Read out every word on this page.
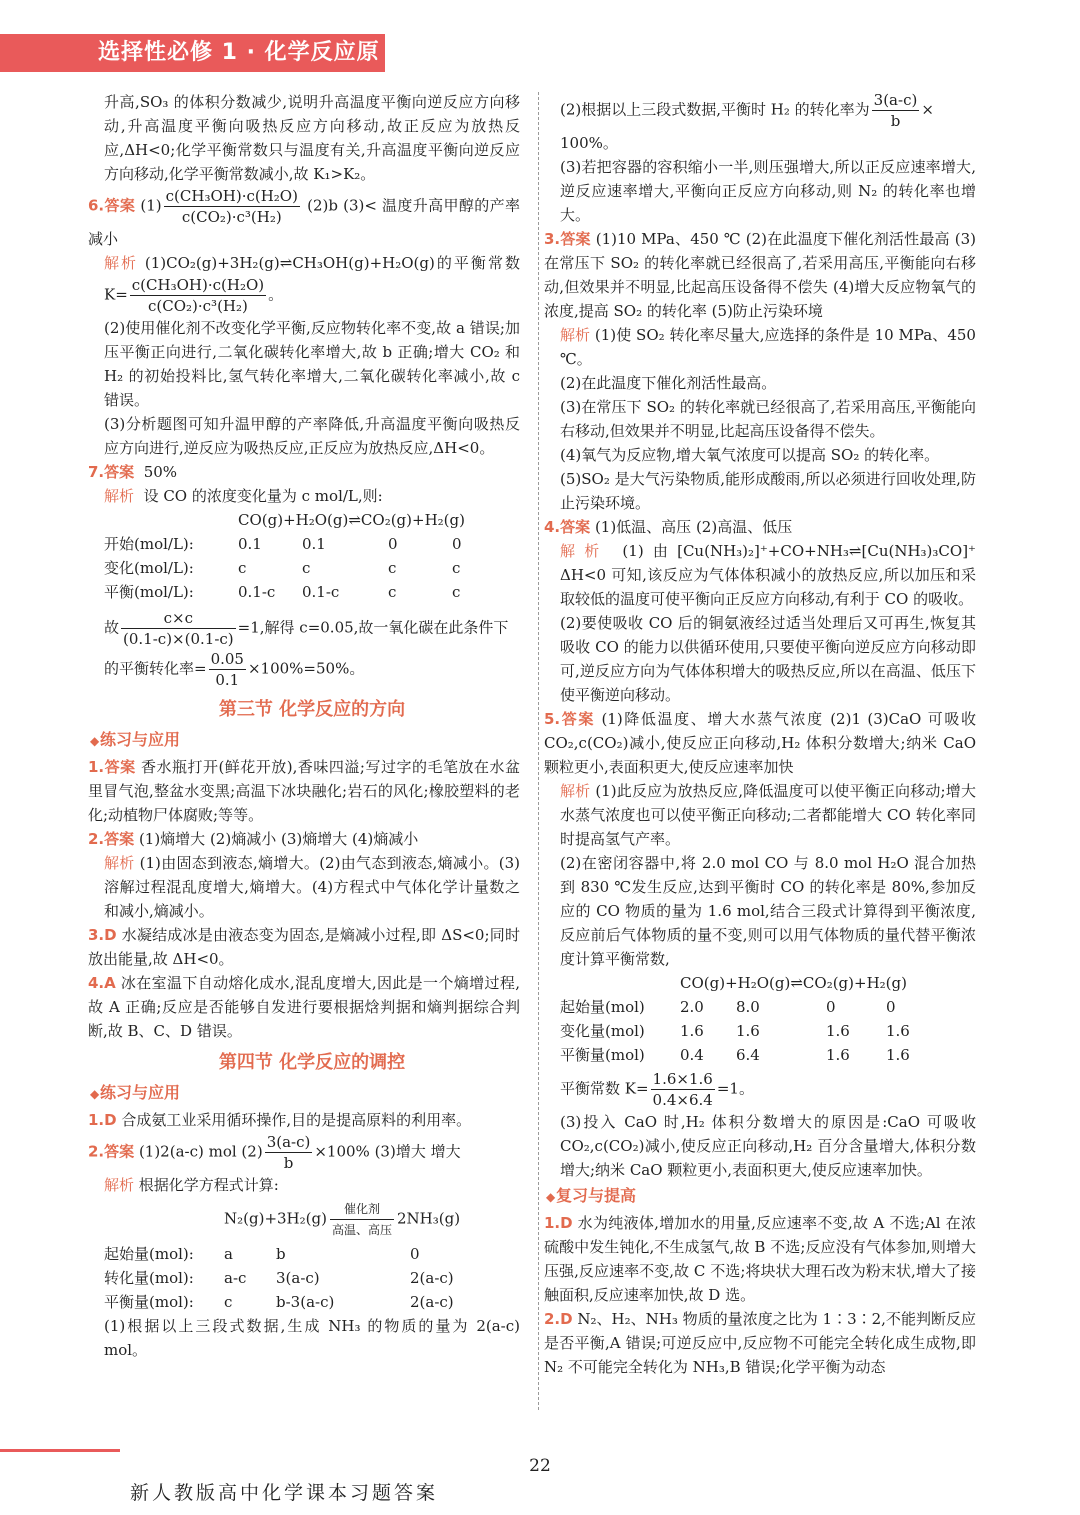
选择性必修 1 · 化学反应原理

升高,SO₃ 的体积分数减少,说明升高温度平衡向逆反应方向移动,升高温度平衡向吸热反应方向移动,故正反应为放热反应,ΔH<0;化学平衡常数只与温度有关,升高温度平衡向逆反应方向移动,化学平衡常数减小,故 K₁>K₂。

6.答案 $(1) \frac{\text{c(CH₃OH)·c(H₂O)}}{\text{c(CO₂)·c³(H₂)}} (2)b$ (3)< 温度升高甲醇的产率减小

解析 (1)CO₂(g)+3H₂(g)⇌CH₃OH(g)+H₂O(g)的平衡常数 $K= \frac{\text{c(CH₃OH)·c(H₂O)}}{\text{c(CO₂)·c³(H₂)}}$ 。

(2)使用催化剂不改变化学平衡,反应物转化率不变,故 a 错误;加压平衡正向进行,二氧化碳转化率增大,故 b 正确;增大 CO₂ 和 H₂ 的初始投料比,氢气转化率增大,二氧化碳转化率减小,故 c 错误。

(3)分析题图可知升温甲醇的产率降低,升高温度平衡向吸热反应方向进行,逆反应为吸热反应,正反应为放热反应,ΔH<0。

7.答案 50%

解析 设 CO 的浓度变化量为 c mol/L,则:

CO(g)+H₂O(g)⇌CO₂(g)+H₂(g)

开始(mol/L):	0.1	0.1	0	0
变化(mol/L):	c	c	c	c
平衡(mol/L):	0.1-c	0.1-c	c	c

故 $\frac{c\times c}{(0.1-c)\times(0.1-c)} =1$,解得 c=0.05,故一氧化碳在此条件下

的平衡转化率= $\frac{0.05}{0.1} \times 100\%=50\%$。

第三节 化学反应的方向
◆练习与应用

1.答案 香水瓶打开(鲜花开放),香味四溢;写过字的毛笔放在水盆里冒气泡,整盆水变黑;高温下冰块融化;岩石的风化;橡胶塑料的老化;动植物尸体腐败;等等。

2.答案 (1)熵增大 (2)熵减小 (3)熵增大 (4)熵减小

解析 (1)由固态到液态,熵增大。(2)由气态到液态,熵减小。(3)溶解过程混乱度增大,熵增大。(4)方程式中气体化学计量数之和减小,熵减小。

3.D 水凝结成冰是由液态变为固态,是熵减小过程,即 ΔS<0;同时放出能量,故 ΔH<0。

4.A 冰在室温下自动熔化成水,混乱度增大,因此是一个熵增过程,故 A 正确;反应是否能够自发进行要根据焓判据和熵判据综合判断,故 B、C、D 错误。

第四节 化学反应的调控
◆练习与应用

1.D 合成氨工业采用循环操作,目的是提高原料的利用率。

2.答案 (1)2(a-c) mol $(2) \frac{3(a-c)}{b} \times 100\%$ (3)增大 增大

解析 根据化学方程式计算:

$N_2(g)+3H_2(g) \frac{\text{催化剂}}{\text{高温、高压}} 2NH_3(g)$

起始量(mol):	a	b	0
转化量(mol):	a-c	3(a-c)	2(a-c)
平衡量(mol):	c	b-3(a-c)	2(a-c)

(1)根据以上三段式数据,生成 NH₃ 的物质的量为 2(a-c) mol。

(2)根据以上三段式数据,平衡时 H₂ 的转化率为 $\frac{3(a-c)}{b}$ ×

100%。

(3)若把容器的容积缩小一半,则压强增大,所以正反应速率增大,逆反应速率增大,平衡向正反应方向移动,则 N₂ 的转化率也增大。

3.答案 (1)10 MPa、450 ℃ (2)在此温度下催化剂活性最高 (3)在常压下 SO₂ 的转化率就已经很高了,若采用高压,平衡能向右移动,但效果并不明显,比起高压设备得不偿失 (4)增大反应物氧气的浓度,提高 SO₂ 的转化率 (5)防止污染环境

解析 (1)使 SO₂ 转化率尽量大,应选择的条件是 10 MPa、450 ℃。

(2)在此温度下催化剂活性最高。

(3)在常压下 SO₂ 的转化率就已经很高了,若采用高压,平衡能向右移动,但效果并不明显,比起高压设备得不偿失。

(4)氧气为反应物,增大氧气浓度可以提高 SO₂ 的转化率。

(5)SO₂ 是大气污染物质,能形成酸雨,所以必须进行回收处理,防止污染环境。

4.答案 (1)低温、高压 (2)高温、低压

解析 (1)由[Cu(NH₃)₂]⁺+CO+NH₃⇌[Cu(NH₃)₃CO]⁺ ΔH<0 可知,该反应为气体体积减小的放热反应,所以加压和采取较低的温度可使平衡向正反应方向移动,有利于 CO 的吸收。

(2)要使吸收 CO 后的铜氨液经过适当处理后又可再生,恢复其吸收 CO 的能力以供循环使用,只要使平衡向逆反应方向移动即可,逆反应方向为气体体积增大的吸热反应,所以在高温、低压下使平衡逆向移动。

5.答案 (1)降低温度、增大水蒸气浓度 (2)1 (3)CaO 可吸收 CO₂,c(CO₂)减小,使反应正向移动,H₂ 体积分数增大;纳米 CaO 颗粒更小,表面积更大,使反应速率加快

解析 (1)此反应为放热反应,降低温度可以使平衡正向移动;增大水蒸气浓度也可以使平衡正向移动;二者都能增大 CO 转化率同时提高氢气产率。

(2)在密闭容器中,将 2.0 mol CO 与 8.0 mol H₂O 混合加热到 830 ℃发生反应,达到平衡时 CO 的转化率是 80%,参加反应的 CO 物质的量为 1.6 mol,结合三段式计算得到平衡浓度,反应前后气体物质的量不变,则可以用气体物质的量代替平衡浓度计算平衡常数,

CO(g)+H₂O(g)⇌CO₂(g)+H₂(g)

起始量(mol)	2.0	8.0	0	0
变化量(mol)	1.6	1.6	1.6	1.6
平衡量(mol)	0.4	6.4	1.6	1.6

平衡常数 $K= \frac{1.6\times 1.6}{0.4\times 6.4} =1$。

(3)投入 CaO 时,H₂ 体积分数增大的原因是:CaO 可吸收 CO₂,c(CO₂)减小,使反应正向移动,H₂ 百分含量增大,体积分数增大;纳米 CaO 颗粒更小,表面积更大,使反应速率加快。

◆复习与提高

1.D 水为纯液体,增加水的用量,反应速率不变,故 A 不选;Al 在浓硫酸中发生钝化,不生成氢气,故 B 不选;反应没有气体参加,则增大压强,反应速率不变,故 C 不选;将块状大理石改为粉末状,增大了接触面积,反应速率加快,故 D 选。

2.D N₂、H₂、NH₃ 物质的量浓度之比为 1∶3∶2,不能判断反应是否平衡,A 错误;可逆反应中,反应物不可能完全转化成生成物,即 N₂ 不可能完全转化为 NH₃,B 错误;化学平衡为动态

22
新人教版高中化学课本习题答案
